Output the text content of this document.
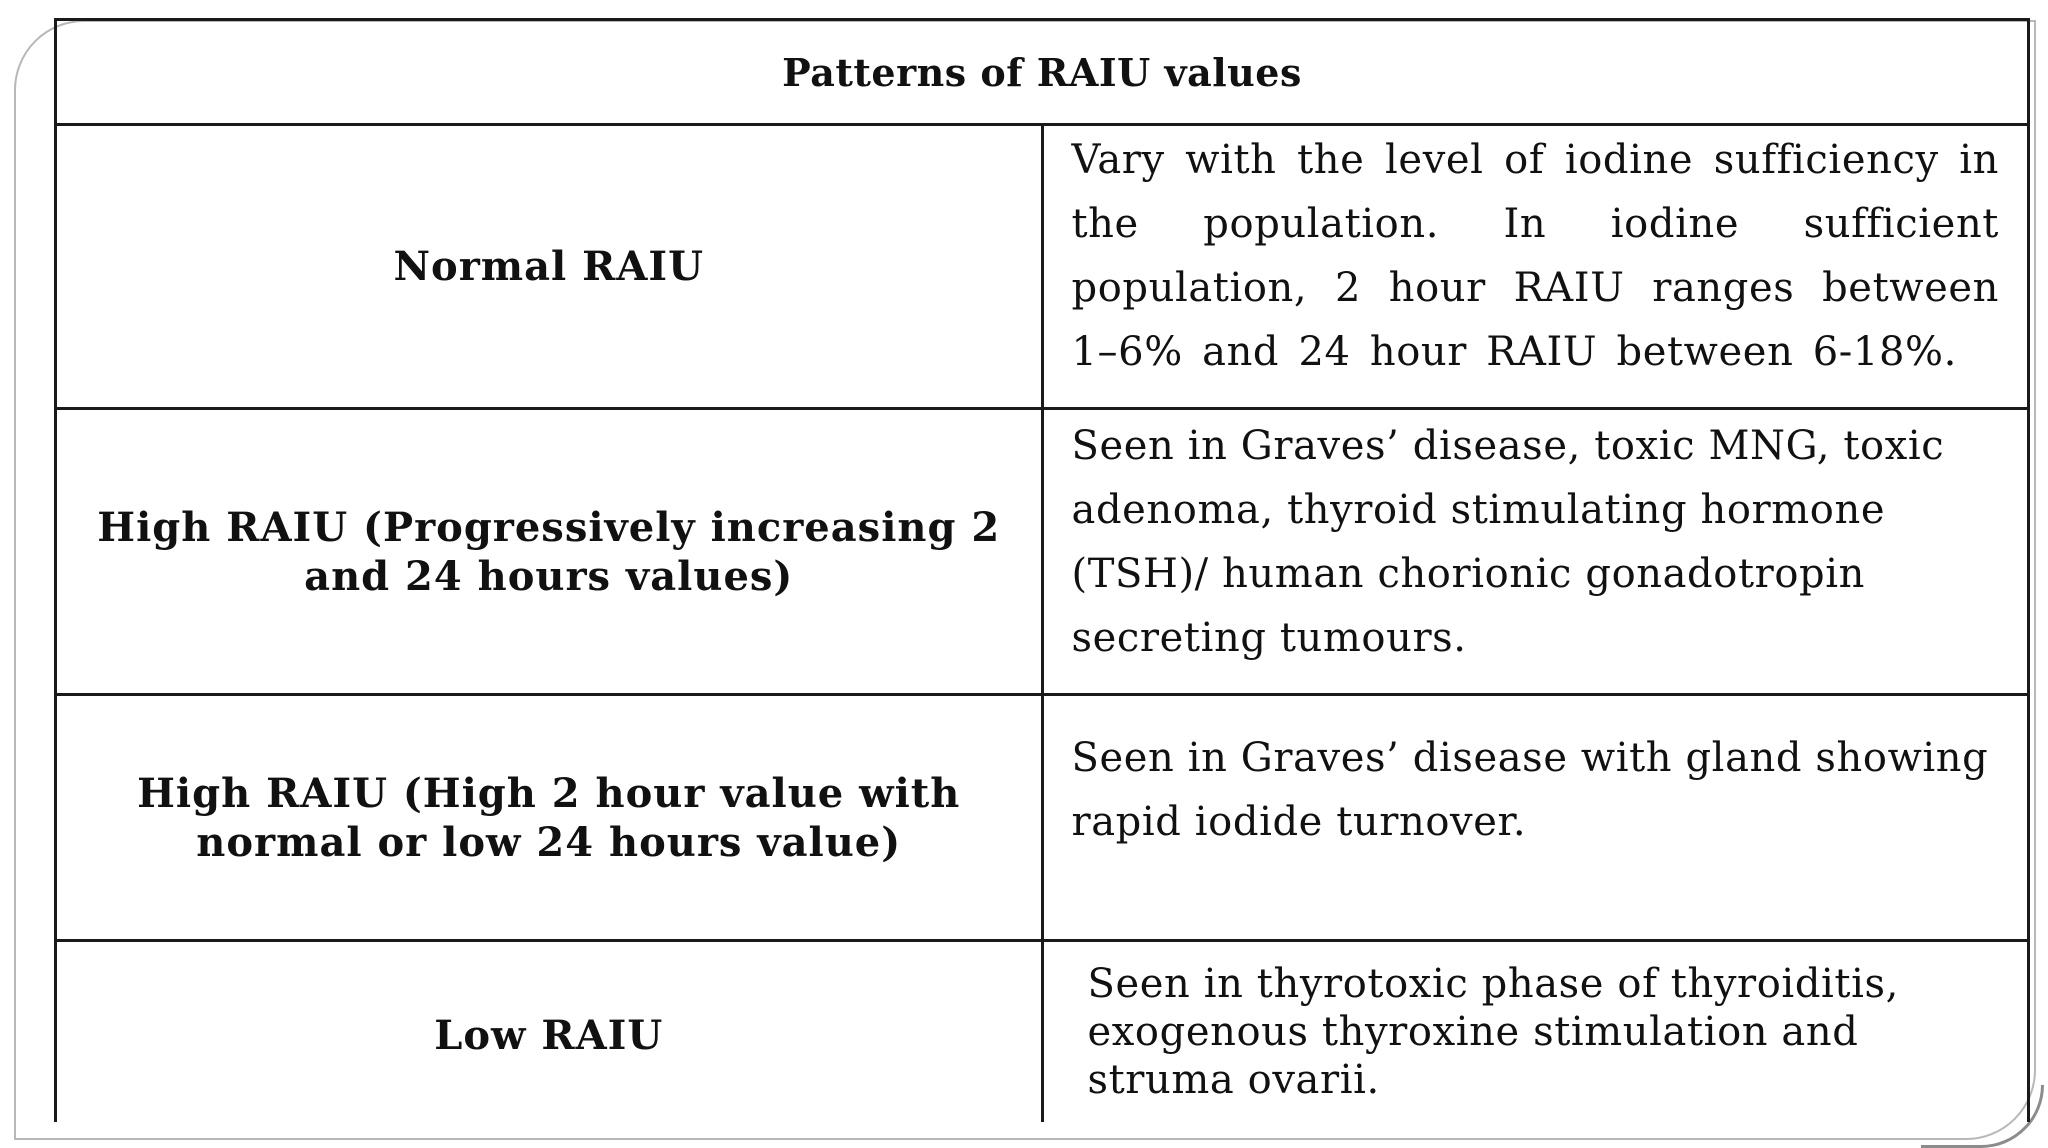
Patterns of RAIU values	
Normal RAIU	Vary with the level of iodine sufficiency in the population. In iodine sufficient population, 2 hour RAIU ranges between 1–6% and 24 hour RAIU between 6-18%.
High RAIU (Progressively increasing 2 and 24 hours values)	Seen in Graves’ disease, toxic MNG, toxic adenoma, thyroid stimulating hormone (TSH)/ human chorionic gonadotropin secreting tumours.
High RAIU (High 2 hour value with normal or low 24 hours value)	Seen in Graves’ disease with gland showing rapid iodide turnover.
Low RAIU	Seen in thyrotoxic phase of thyroiditis, exogenous thyroxine stimulation and struma ovarii.
